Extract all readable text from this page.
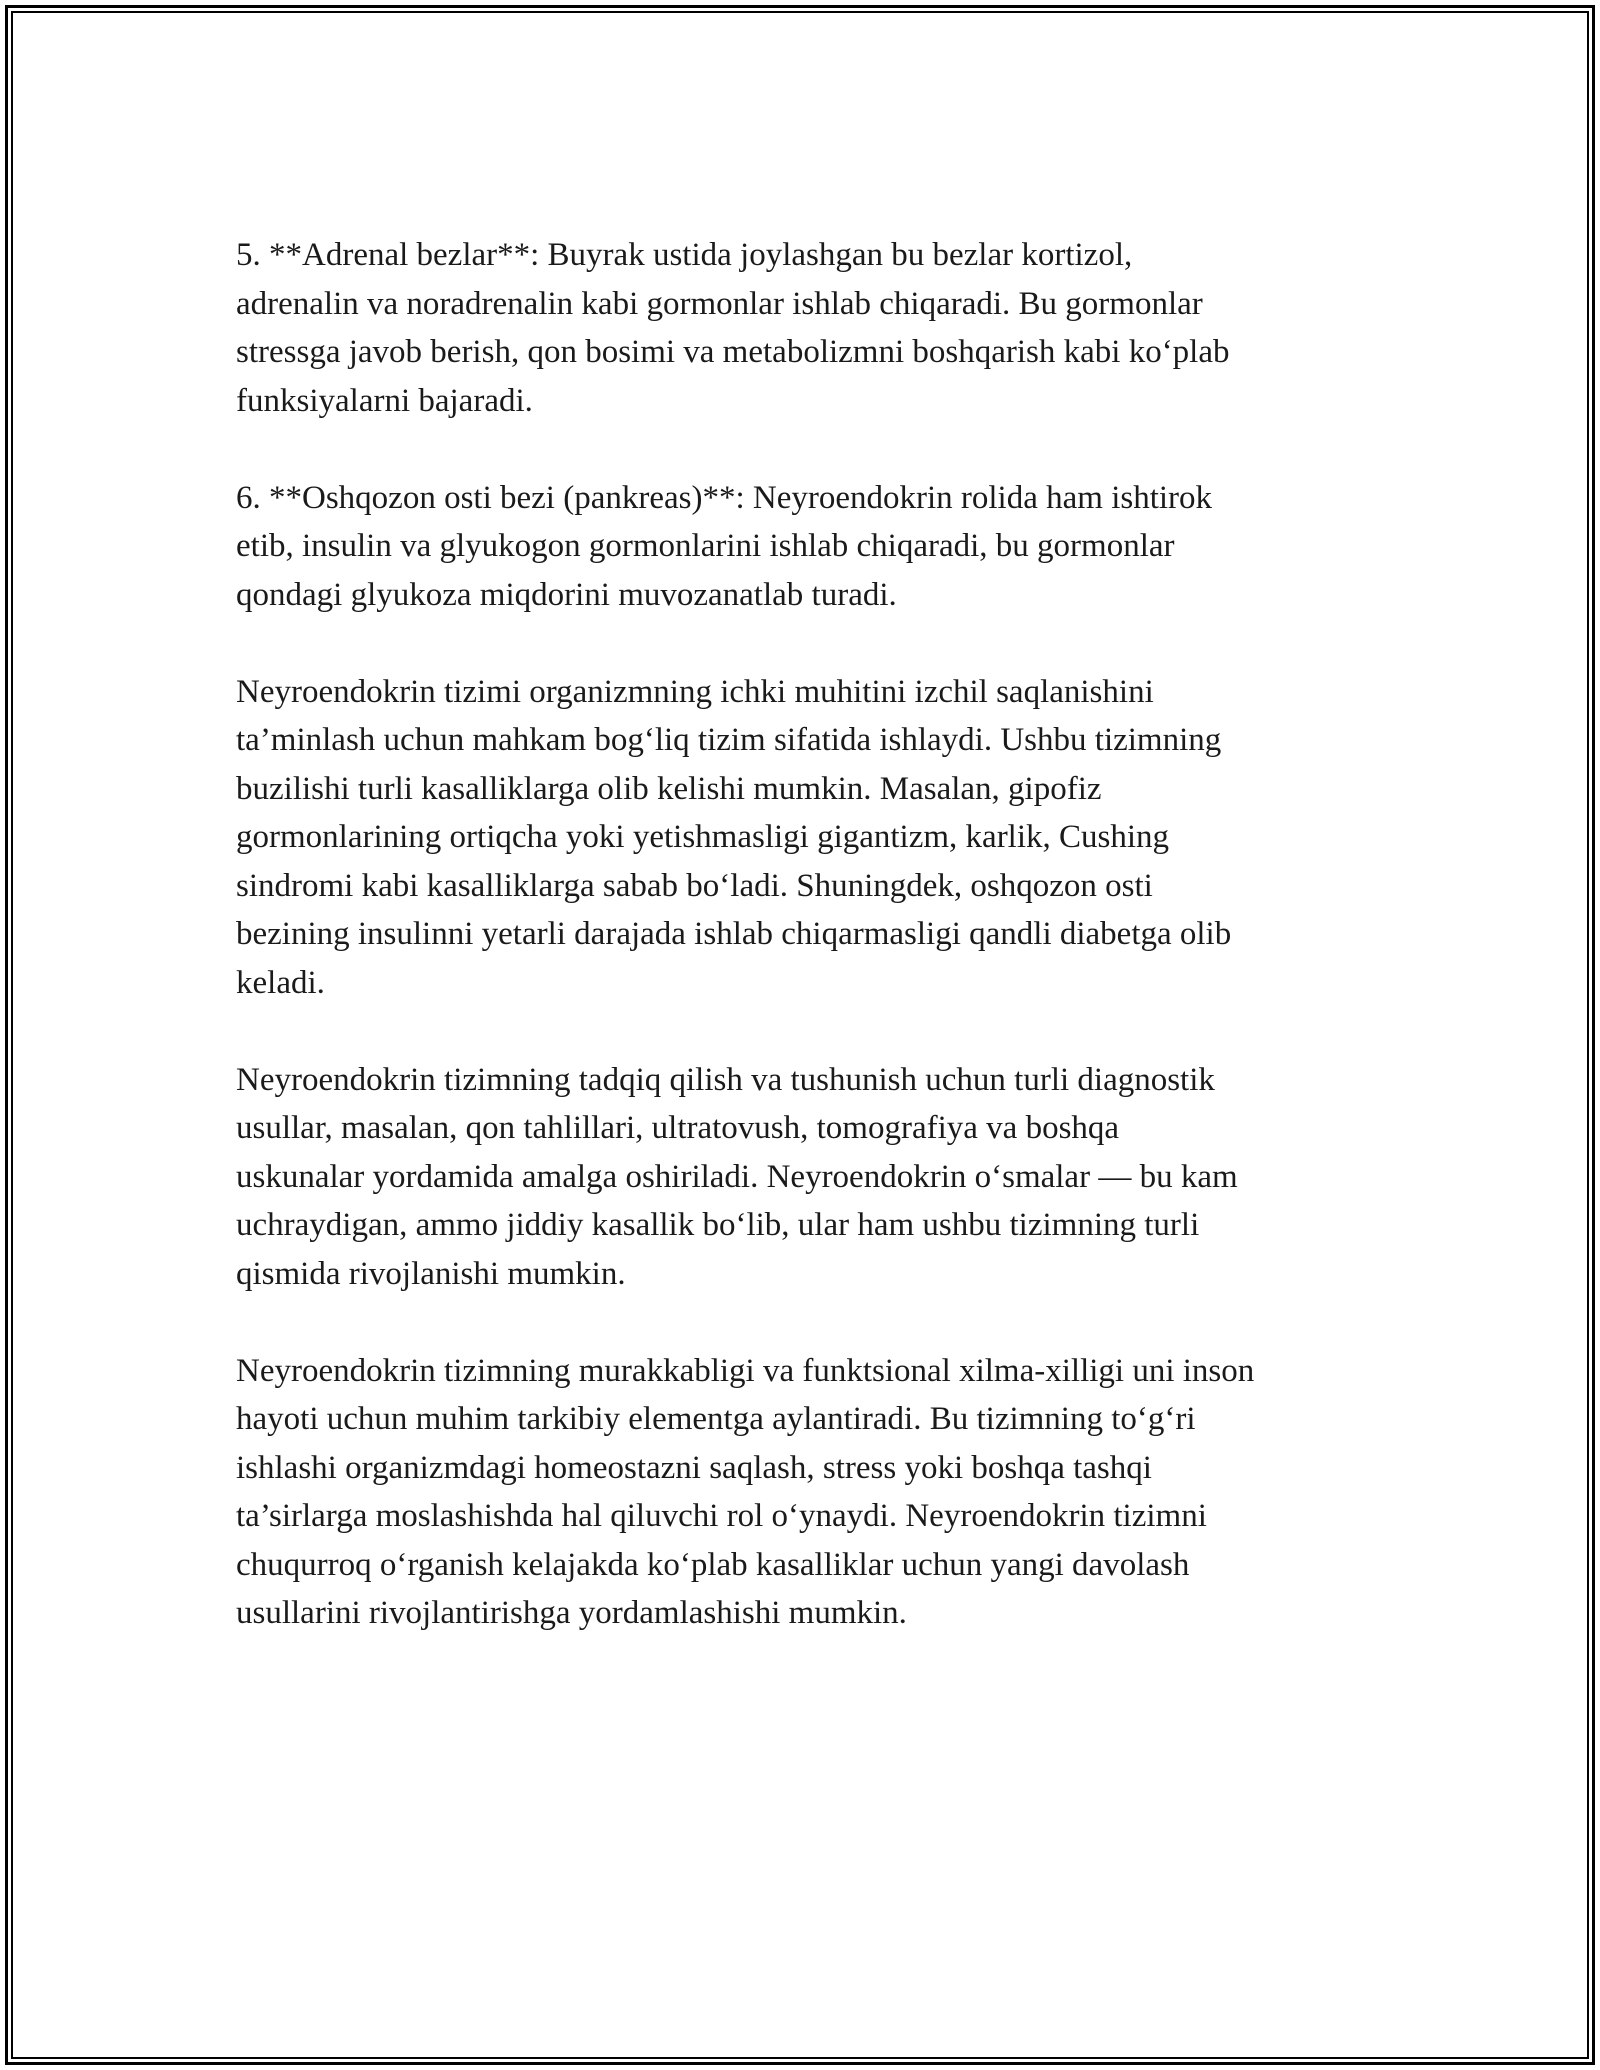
5. **Adrenal bezlar**: Buyrak ustida joylashgan bu bezlar kortizol,
adrenalin va noradrenalin kabi gormonlar ishlab chiqaradi. Bu gormonlar
stressga javob berish, qon bosimi va metabolizmni boshqarish kabi ko‘plab
funksiyalarni bajaradi.

6. **Oshqozon osti bezi (pankreas)**: Neyroendokrin rolida ham ishtirok
etib, insulin va glyukogon gormonlarini ishlab chiqaradi, bu gormonlar
qondagi glyukoza miqdorini muvozanatlab turadi.

Neyroendokrin tizimi organizmning ichki muhitini izchil saqlanishini
ta’minlash uchun mahkam bog‘liq tizim sifatida ishlaydi. Ushbu tizimning
buzilishi turli kasalliklarga olib kelishi mumkin. Masalan, gipofiz
gormonlarining ortiqcha yoki yetishmasligi gigantizm, karlik, Cushing
sindromi kabi kasalliklarga sabab bo‘ladi. Shuningdek, oshqozon osti
bezining insulinni yetarli darajada ishlab chiqarmasligi qandli diabetga olib
keladi.

Neyroendokrin tizimning tadqiq qilish va tushunish uchun turli diagnostik
usullar, masalan, qon tahlillari, ultratovush, tomografiya va boshqa
uskunalar yordamida amalga oshiriladi. Neyroendokrin o‘smalar — bu kam
uchraydigan, ammo jiddiy kasallik bo‘lib, ular ham ushbu tizimning turli
qismida rivojlanishi mumkin.

Neyroendokrin tizimning murakkabligi va funktsional xilma-xilligi uni inson
hayoti uchun muhim tarkibiy elementga aylantiradi. Bu tizimning to‘g‘ri
ishlashi organizmdagi homeostazni saqlash, stress yoki boshqa tashqi
ta’sirlarga moslashishda hal qiluvchi rol o‘ynaydi. Neyroendokrin tizimni
chuqurroq o‘rganish kelajakda ko‘plab kasalliklar uchun yangi davolash
usullarini rivojlantirishga yordamlashishi mumkin.
